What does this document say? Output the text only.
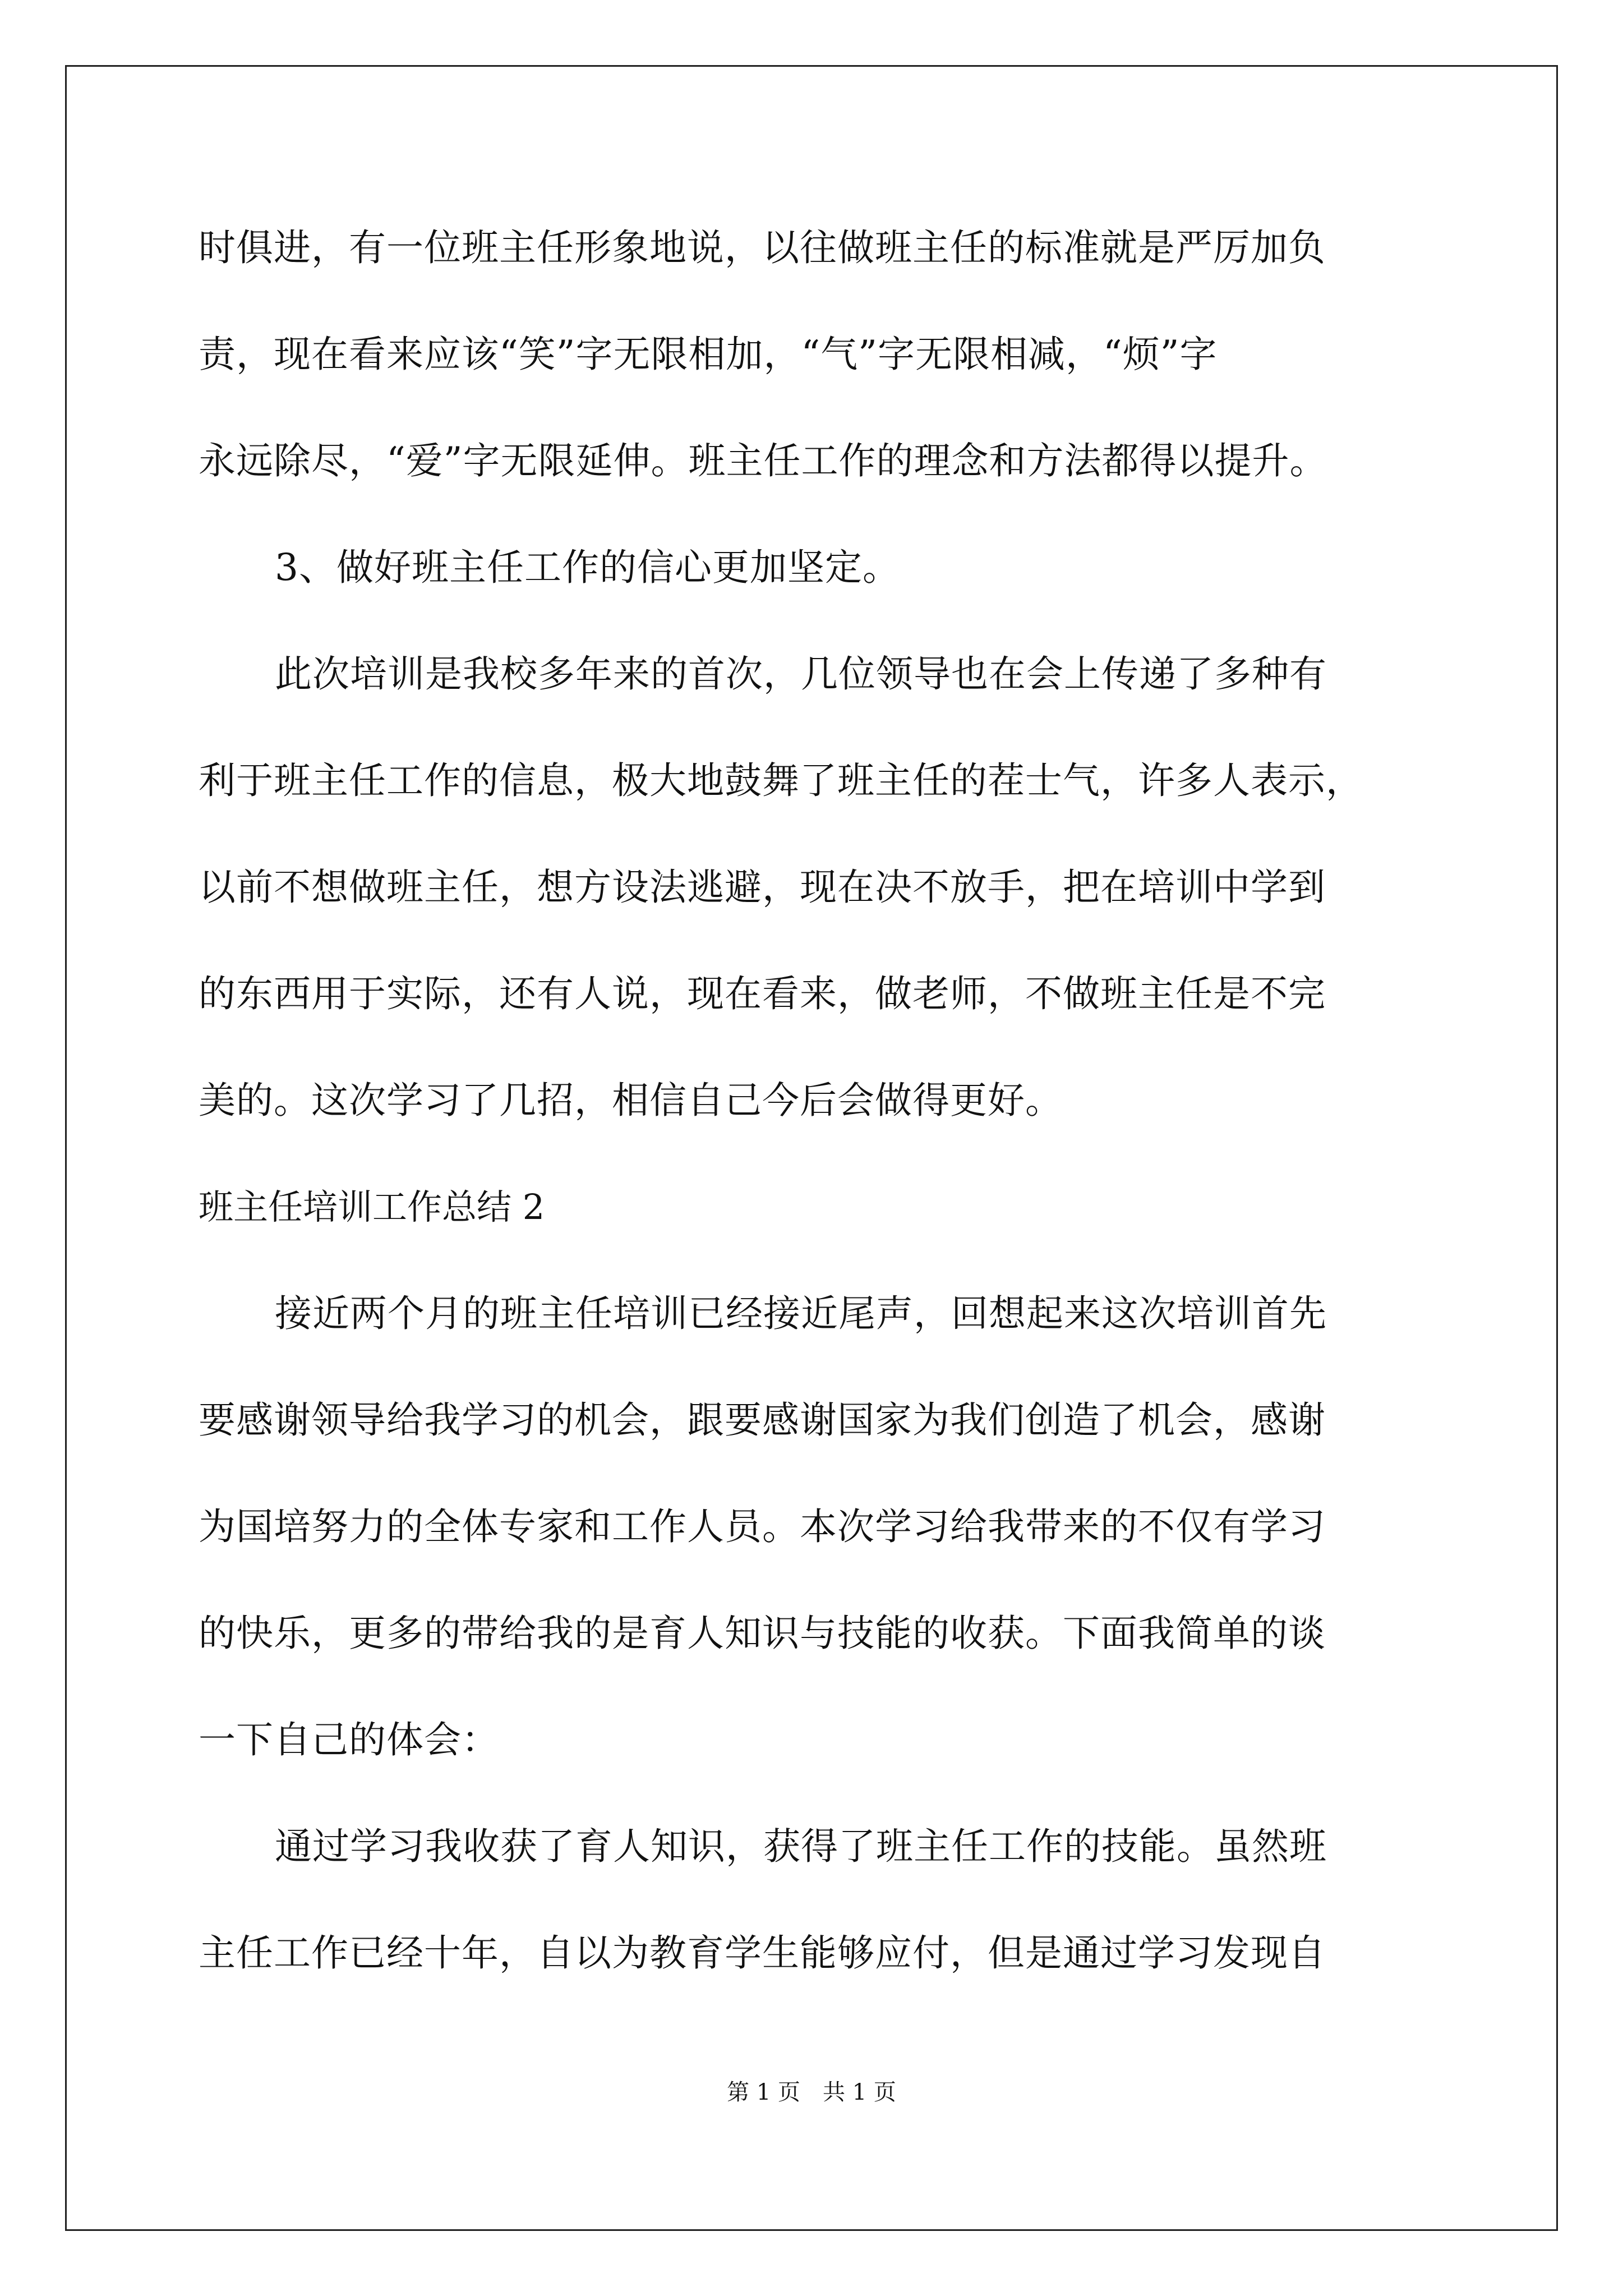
时俱进，有一位班主任形象地说，以往做班主任的标准就是严厉加负
责，现在看来应该“笑”字无限相加，“气”字无限相减，“烦”字
永远除尽，“爱”字无限延伸。班主任工作的理念和方法都得以提升。
3、做好班主任工作的信心更加坚定。
此次培训是我校多年来的首次，几位领导也在会上传递了多种有
利于班主任工作的信息，极大地鼓舞了班主任的茬士气，许多人表示，
以前不想做班主任，想方设法逃避，现在决不放手，把在培训中学到
的东西用于实际，还有人说，现在看来，做老师，不做班主任是不完
美的。这次学习了几招，相信自己今后会做得更好。
班主任培训工作总结 2
接近两个月的班主任培训已经接近尾声，回想起来这次培训首先
要感谢领导给我学习的机会，跟要感谢国家为我们创造了机会，感谢
为国培努力的全体专家和工作人员。本次学习给我带来的不仅有学习
的快乐，更多的带给我的是育人知识与技能的收获。下面我简单的谈
一下自己的体会：
通过学习我收获了育人知识，获得了班主任工作的技能。虽然班
主任工作已经十年，自以为教育学生能够应付，但是通过学习发现自
第 1 页　共 1 页
